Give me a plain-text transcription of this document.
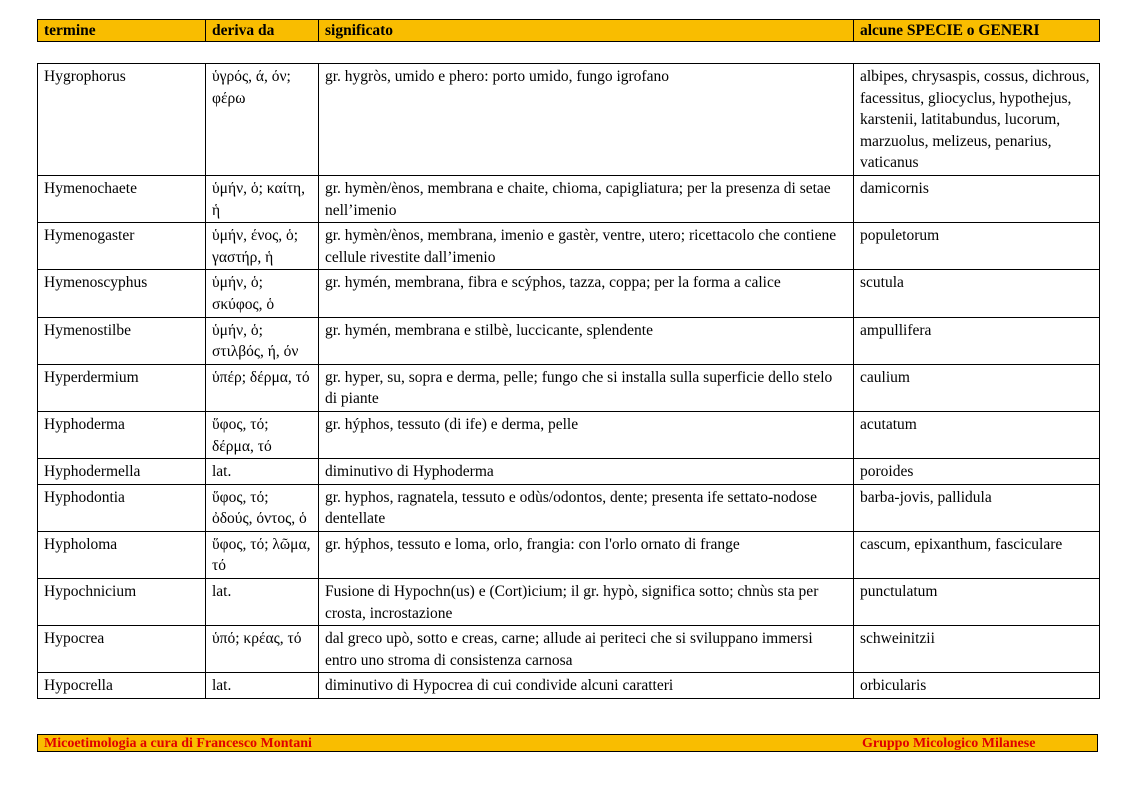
termine	deriva da	significato	alcune SPECIE o GENERI
Hygrophorus	ὑγρός, ά, όν; φέρω	gr. hygròs, umido e phero: porto umido, fungo igrofano	albipes, chrysaspis, cossus, dichrous, facessitus, gliocyclus, hypothejus, karstenii, latitabundus, lucorum, marzuolus, melizeus, penarius, vaticanus
Hymenochaete	ὑμήν, ὁ; καίτη, ἡ	gr. hymèn/ènos, membrana e chaite, chioma, capigliatura; per la presenza di setae nell’imenio	damicornis
Hymenogaster	ὑμήν, ένος, ὁ; γαστήρ, ἡ	gr. hymèn/ènos, membrana, imenio e gastèr, ventre, utero; ricettacolo che contiene cellule rivestite dall’imenio	populetorum
Hymenoscyphus	ὑμήν, ὁ; σκύφος, ὁ	gr. hymén, membrana, fibra e scýphos, tazza, coppa; per la forma a calice	scutula
Hymenostilbe	ὑμήν, ὁ; στιλβός, ή, όν	gr. hymén, membrana e stilbè, luccicante, splendente	ampullifera
Hyperdermium	ὑπέρ; δέρμα, τό	gr. hyper, su, sopra e derma, pelle; fungo che si installa sulla superficie dello stelo di piante	caulium
Hyphoderma	ὕφος, τό; δέρμα, τό	gr. hýphos, tessuto (di ife) e derma, pelle	acutatum
Hyphodermella	lat.	diminutivo di Hyphoderma	poroides
Hyphodontia	ὕφος, τό; ὀδούς, όντος, ὁ	gr. hyphos, ragnatela, tessuto e odùs/odontos, dente; presenta ife settato-nodose dentellate	barba-jovis, pallidula
Hypholoma	ὕφος, τό; λῶμα, τό	gr. hýphos, tessuto e loma, orlo, frangia: con l'orlo ornato di frange	cascum, epixanthum, fasciculare
Hypochnicium	lat.	Fusione di Hypochn(us) e (Cort)icium; il gr. hypò, significa sotto; chnùs sta per crosta, incrostazione	punctulatum
Hypocrea	ὑπό; κρέας, τό	dal greco upò, sotto e creas, carne; allude ai periteci che si sviluppano immersi entro uno stroma di consistenza carnosa	schweinitzii
Hypocrella	lat.	diminutivo di Hypocrea di cui condivide alcuni caratteri	orbicularis
Micoetimologia a cura di Francesco Montani	Gruppo Micologico Milanese
